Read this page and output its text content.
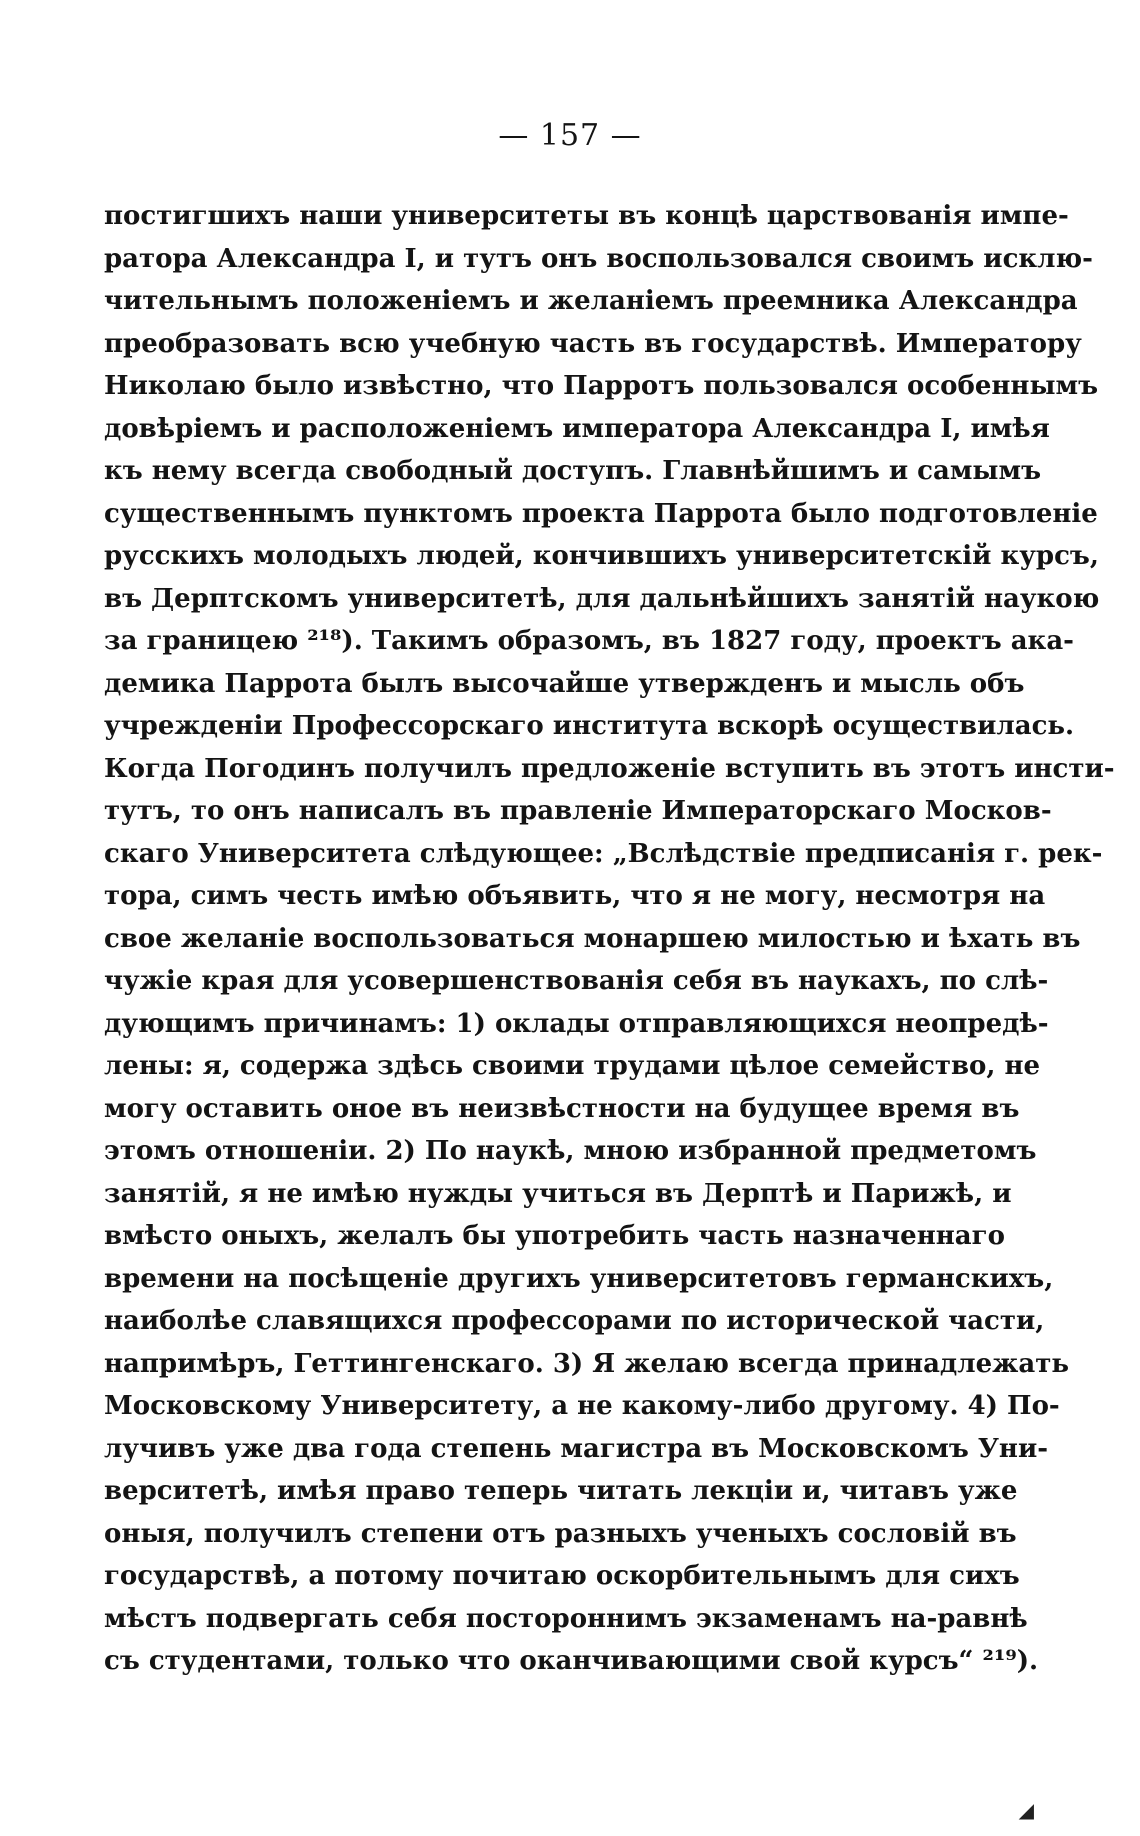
— 157 —
постигшихъ наши университеты въ концѣ царствованія импе-
ратора Александра I, и тутъ онъ воспользовался своимъ исклю-
чительнымъ положеніемъ и желаніемъ преемника Александра
преобразовать всю учебную часть въ государствѣ. Императору
Николаю было извѣстно, что Парротъ пользовался особеннымъ
довѣріемъ и расположеніемъ императора Александра I, имѣя
къ нему всегда свободный доступъ. Главнѣйшимъ и самымъ
существеннымъ пунктомъ проекта Паррота было подготовленіе
русскихъ молодыхъ людей, кончившихъ университетскій курсъ,
въ Дерптскомъ университетѣ, для дальнѣйшихъ занятій наукою
за границею ²¹⁸). Такимъ образомъ, въ 1827 году, проектъ ака-
демика Паррота былъ высочайше утвержденъ и мысль объ
учрежденіи Профессорскаго института вскорѣ осуществилась.
Когда Погодинъ получилъ предложеніе вступить въ этотъ инсти-
тутъ, то онъ написалъ въ правленіе Императорскаго Москов-
скаго Университета слѣдующее: „Вслѣдствіе предписанія г. рек-
тора, симъ честь имѣю объявить, что я не могу, несмотря на
свое желаніе воспользоваться монаршею милостью и ѣхать въ
чужіе края для усовершенствованія себя въ наукахъ, по слѣ-
дующимъ причинамъ: 1) оклады отправляющихся неопредѣ-
лены: я, содержа здѣсь своими трудами цѣлое семейство, не
могу оставить оное въ неизвѣстности на будущее время въ
этомъ отношеніи. 2) По наукѣ, мною избранной предметомъ
занятій, я не имѣю нужды учиться въ Дерптѣ и Парижѣ, и
вмѣсто оныхъ, желалъ бы употребить часть назначеннаго
времени на посѣщеніе другихъ университетовъ германскихъ,
наиболѣе славящихся профессорами по исторической части,
напримѣръ, Геттингенскаго. 3) Я желаю всегда принадлежать
Московскому Университету, а не какому-либо другому. 4) По-
лучивъ уже два года степень магистра въ Московскомъ Уни-
верситетѣ, имѣя право теперь читать лекціи и, читавъ уже
оныя, получилъ степени отъ разныхъ ученыхъ сословій въ
государствѣ, а потому почитаю оскорбительнымъ для сихъ
мѣстъ подвергать себя постороннимъ экзаменамъ на-равнѣ
съ студентами, только что оканчивающими свой курсъ“ ²¹⁹).
◢
